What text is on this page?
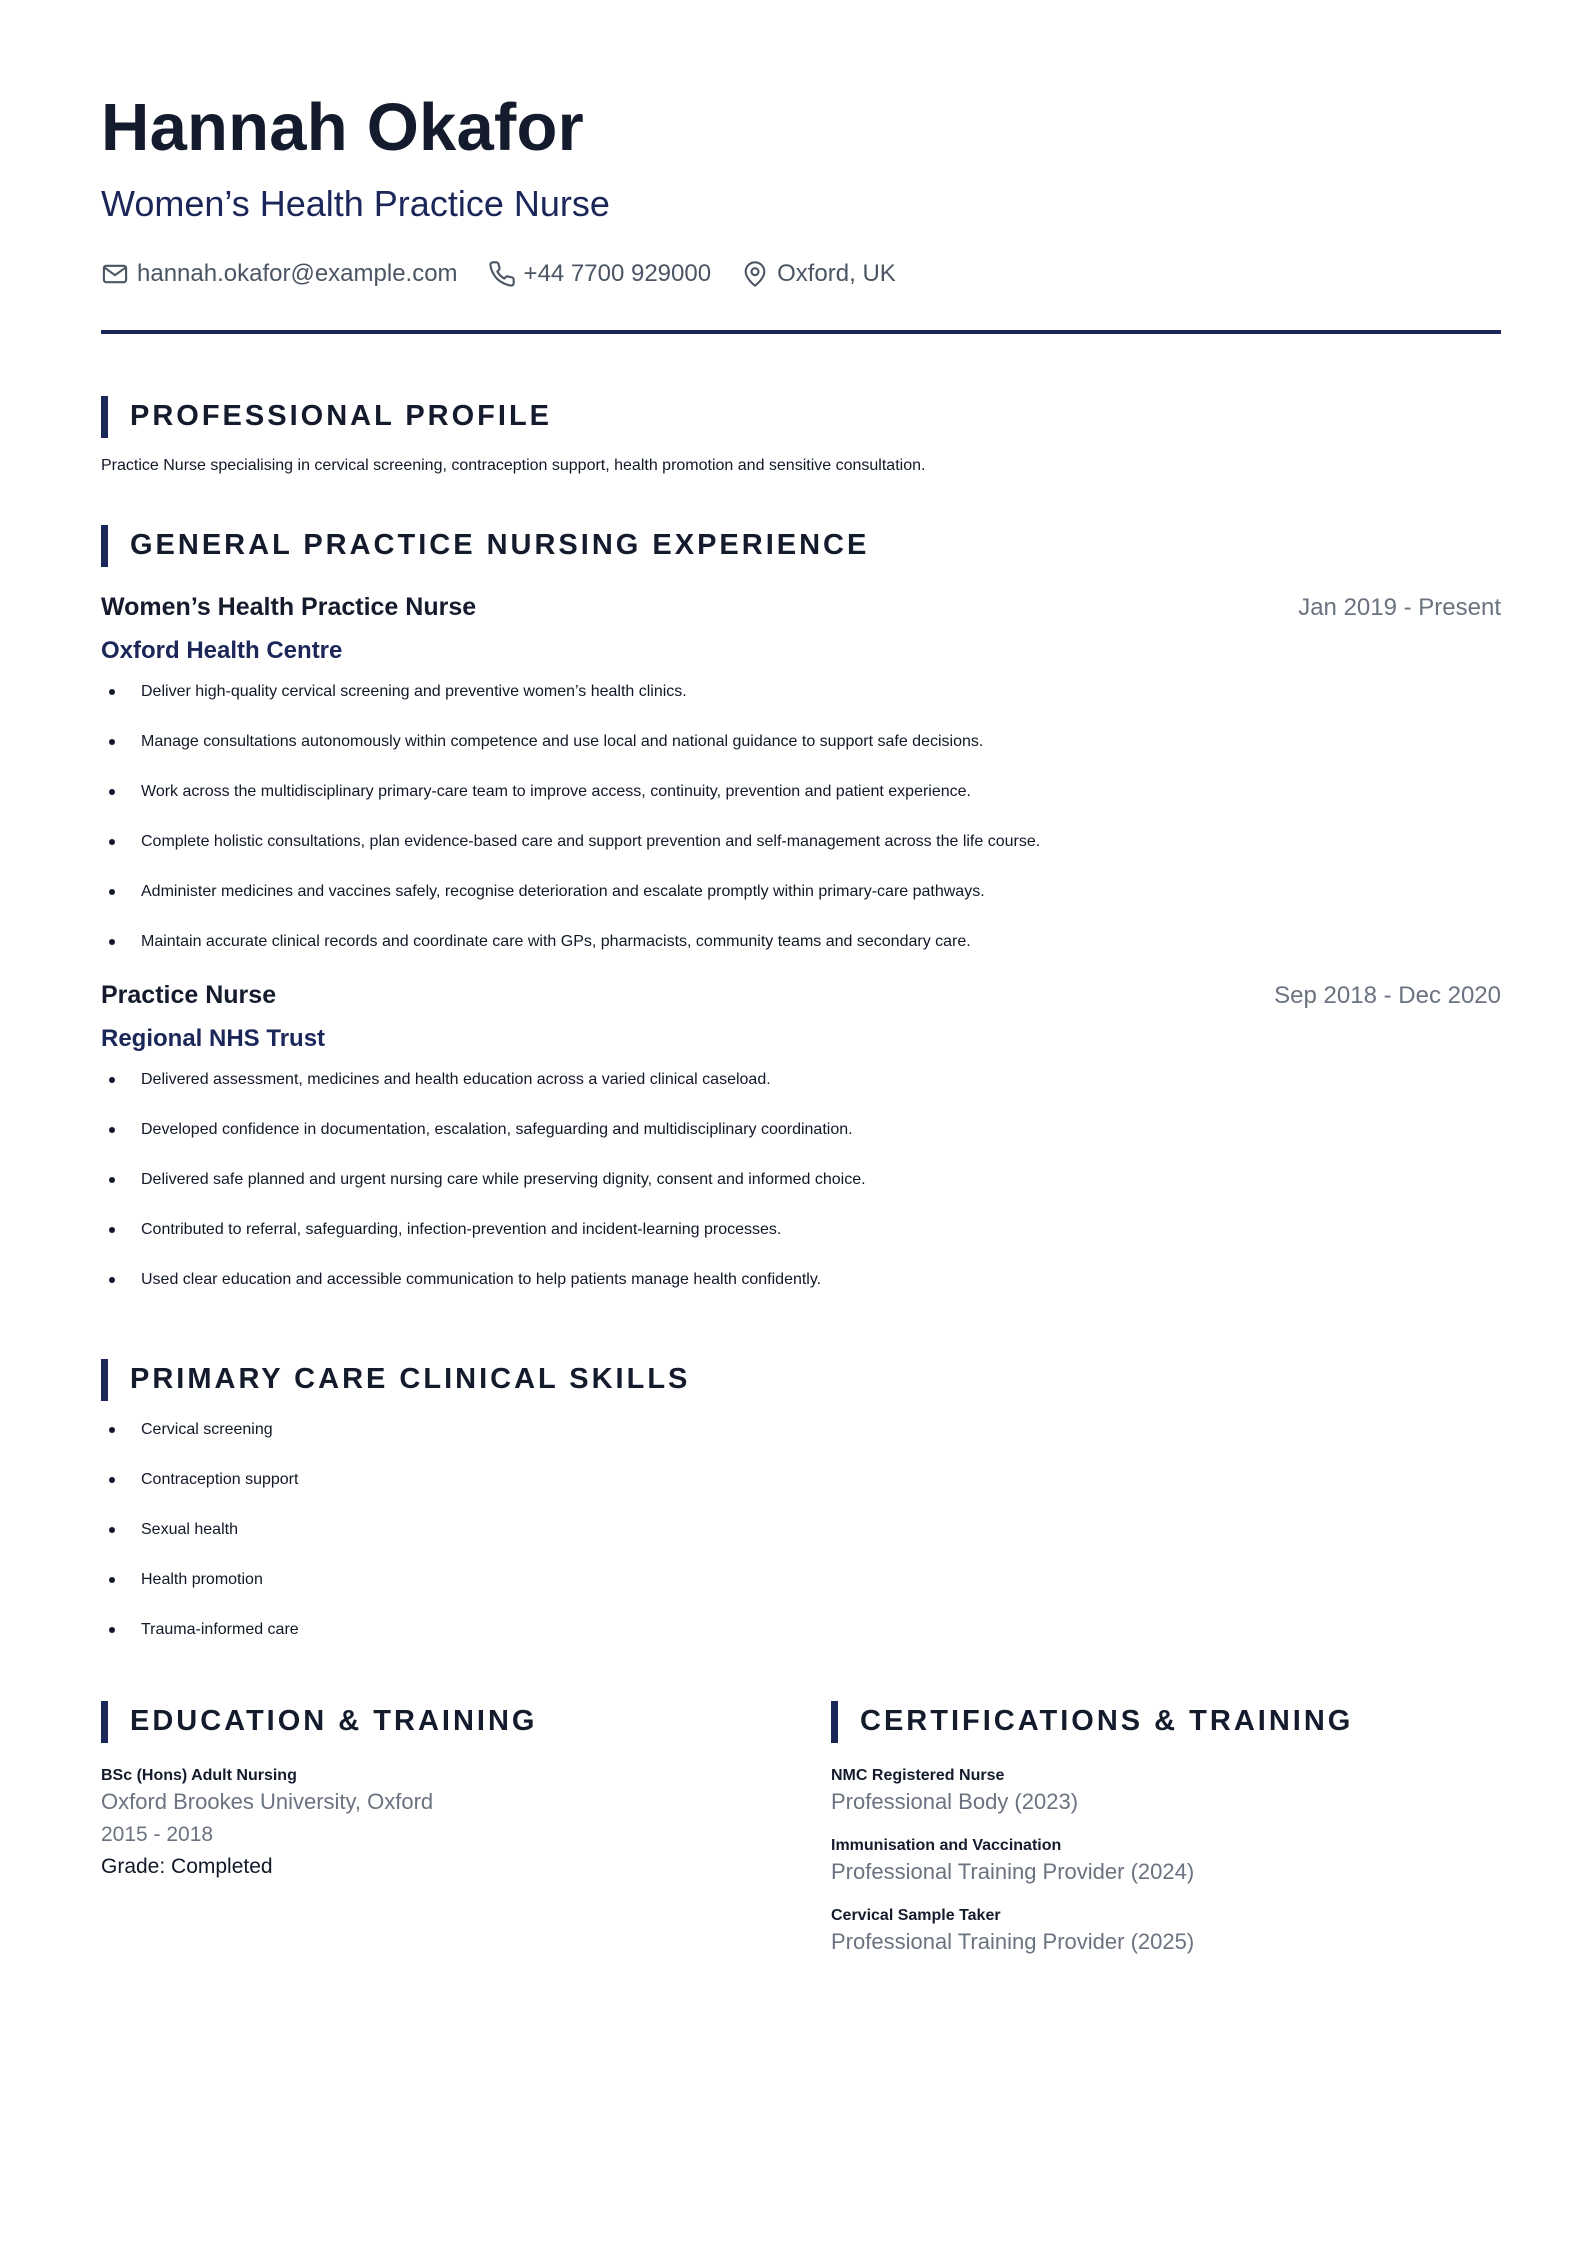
Hannah Okafor
Women’s Health Practice Nurse
hannah.okafor@example.com	+44 7700 929000	Oxford, UK
PROFESSIONAL PROFILE

Practice Nurse specialising in cervical screening, contraception support, health promotion and sensitive consultation.

GENERAL PRACTICE NURSING EXPERIENCE
Women’s Health Practice Nurse	Jan 2019 - Present
Oxford Health Centre
Deliver high-quality cervical screening and preventive women’s health clinics.
Manage consultations autonomously within competence and use local and national guidance to support safe decisions.
Work across the multidisciplinary primary-care team to improve access, continuity, prevention and patient experience.
Complete holistic consultations, plan evidence-based care and support prevention and self-management across the life course.
Administer medicines and vaccines safely, recognise deterioration and escalate promptly within primary-care pathways.
Maintain accurate clinical records and coordinate care with GPs, pharmacists, community teams and secondary care.
Practice Nurse	Sep 2018 - Dec 2020
Regional NHS Trust
Delivered assessment, medicines and health education across a varied clinical caseload.
Developed confidence in documentation, escalation, safeguarding and multidisciplinary coordination.
Delivered safe planned and urgent nursing care while preserving dignity, consent and informed choice.
Contributed to referral, safeguarding, infection-prevention and incident-learning processes.
Used clear education and accessible communication to help patients manage health confidently.
PRIMARY CARE CLINICAL SKILLS
Cervical screening
Contraception support
Sexual health
Health promotion
Trauma-informed care
EDUCATION & TRAINING

BSc (Hons) Adult Nursing

Oxford Brookes University, Oxford
2015 - 2018
Grade: Completed
CERTIFICATIONS & TRAINING

NMC Registered Nurse

Professional Body (2023)

Immunisation and Vaccination

Professional Training Provider (2024)

Cervical Sample Taker

Professional Training Provider (2025)
